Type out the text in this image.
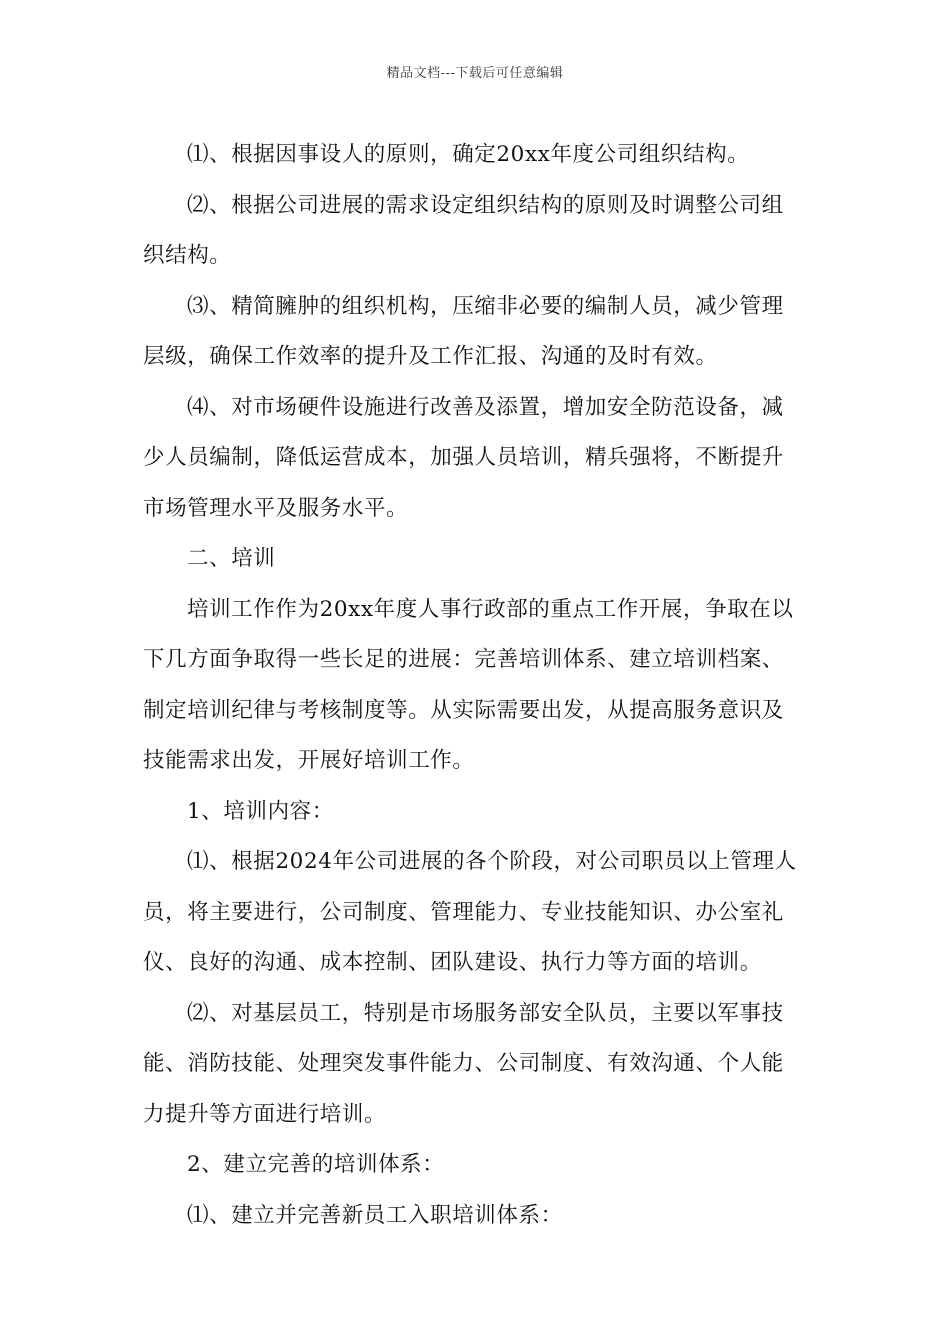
精品文档---下载后可任意编辑

⑴、根据因事设人的原则，确定20xx年度公司组织结构。

⑵、根据公司进展的需求设定组织结构的原则及时调整公司组
织结构。

⑶、精简臃肿的组织机构，压缩非必要的编制人员，减少管理
层级，确保工作效率的提升及工作汇报、沟通的及时有效。

⑷、对市场硬件设施进行改善及添置，增加安全防范设备，减
少人员编制，降低运营成本，加强人员培训，精兵强将，不断提升
市场管理水平及服务水平。

二、培训

培训工作作为20xx年度人事行政部的重点工作开展，争取在以
下几方面争取得一些长足的进展：完善培训体系、建立培训档案、
制定培训纪律与考核制度等。从实际需要出发，从提高服务意识及
技能需求出发，开展好培训工作。

1、培训内容：

⑴、根据2024年公司进展的各个阶段，对公司职员以上管理人
员，将主要进行，公司制度、管理能力、专业技能知识、办公室礼
仪、良好的沟通、成本控制、团队建设、执行力等方面的培训。

⑵、对基层员工，特别是市场服务部安全队员，主要以军事技
能、消防技能、处理突发事件能力、公司制度、有效沟通、个人能
力提升等方面进行培训。

2、建立完善的培训体系：

⑴、建立并完善新员工入职培训体系：
